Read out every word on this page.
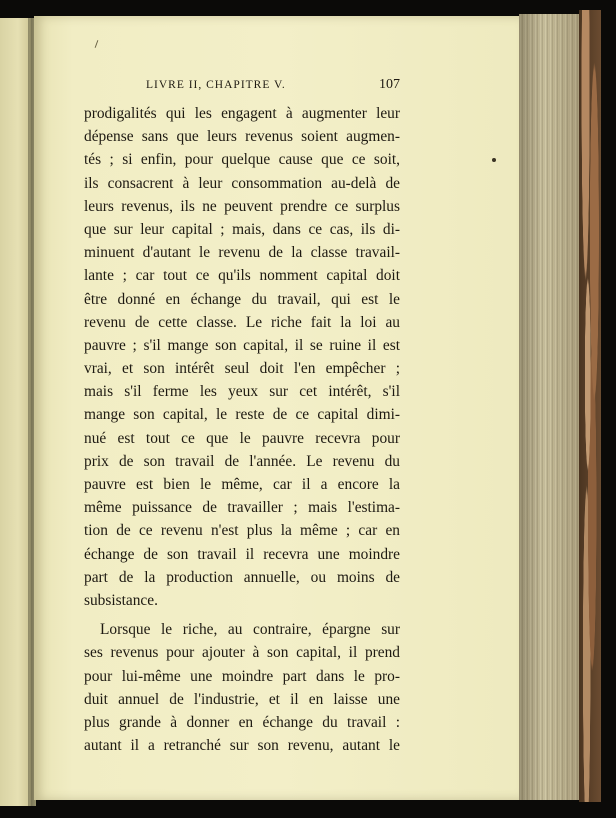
LIVRE II, CHAPITRE V.	107
prodigalités qui les engagent à augmenter leur
dépense sans que leurs revenus soient augmen-
tés ; si enfin, pour quelque cause que ce soit,
ils consacrent à leur consommation au-delà de
leurs revenus, ils ne peuvent prendre ce surplus
que sur leur capital ; mais, dans ce cas, ils di-
minuent d'autant le revenu de la classe travail-
lante ; car tout ce qu'ils nomment capital doit
être donné en échange du travail, qui est le
revenu de cette classe. Le riche fait la loi au
pauvre ; s'il mange son capital, il se ruine il est
vrai, et son intérêt seul doit l'en empêcher ;
mais s'il ferme les yeux sur cet intérêt, s'il
mange son capital, le reste de ce capital dimi-
nué est tout ce que le pauvre recevra pour
prix de son travail de l'année. Le revenu du
pauvre est bien le même, car il a encore la
même puissance de travailler ; mais l'estima-
tion de ce revenu n'est plus la même ; car en
échange de son travail il recevra une moindre
part de la production annuelle, ou moins de
subsistance.
Lorsque le riche, au contraire, épargne sur
ses revenus pour ajouter à son capital, il prend
pour lui-même une moindre part dans le pro-
duit annuel de l'industrie, et il en laisse une
plus grande à donner en échange du travail :
autant il a retranché sur son revenu, autant le
